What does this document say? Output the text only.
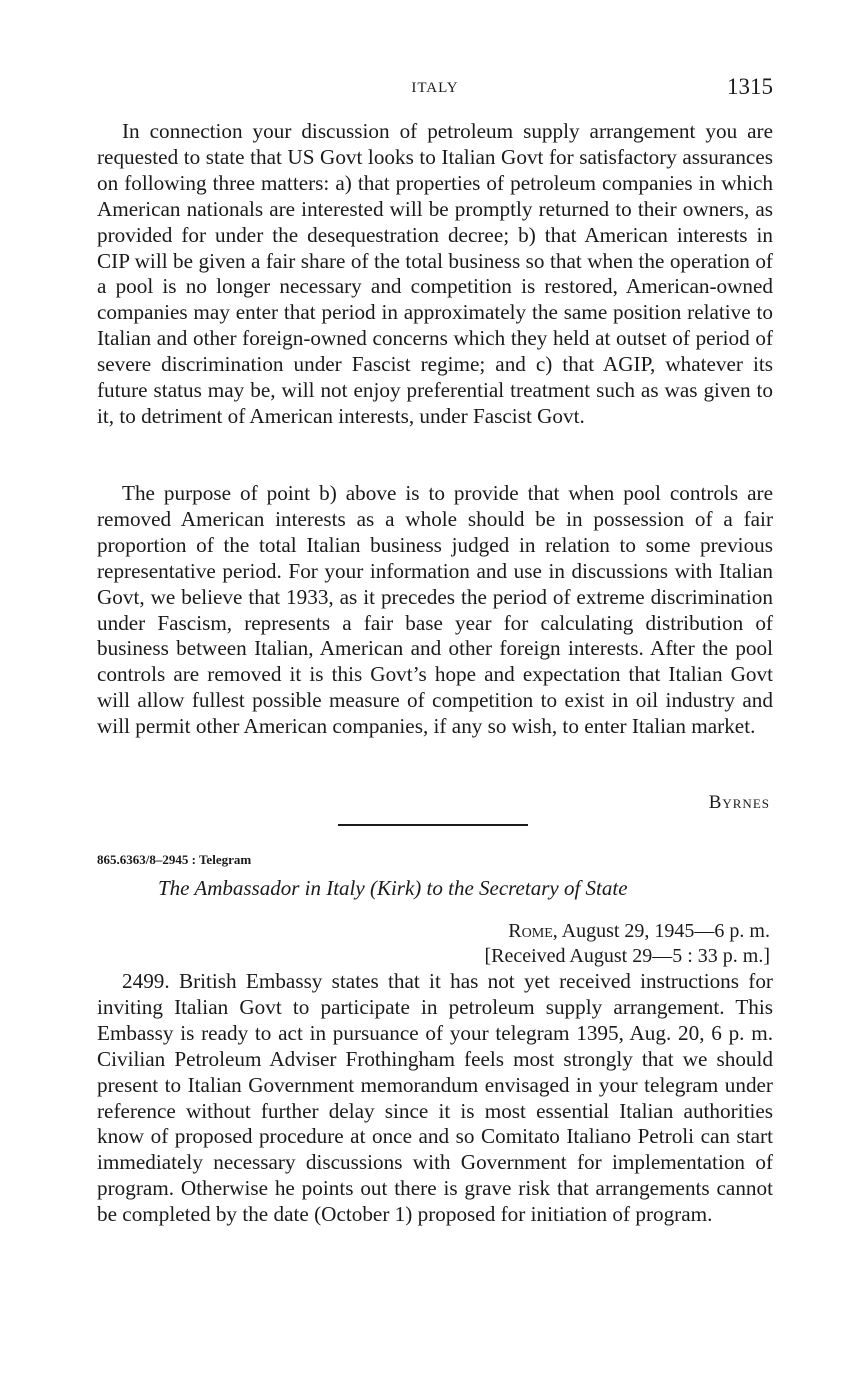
ITALY	1315

In connection your discussion of petroleum supply arrangement you are requested to state that US Govt looks to Italian Govt for satisfactory assurances on following three matters: a) that properties of petroleum companies in which American nationals are interested will be promptly returned to their owners, as provided for under the desequestration decree; b) that American interests in CIP will be given a fair share of the total business so that when the operation of a pool is no longer necessary and competition is restored, American-owned companies may enter that period in approximately the same position relative to Italian and other foreign-owned concerns which they held at outset of period of severe discrimination under Fascist regime; and c) that AGIP, whatever its future status may be, will not enjoy preferential treatment such as was given to it, to detriment of American interests, under Fascist Govt.

The purpose of point b) above is to provide that when pool controls are removed American interests as a whole should be in possession of a fair proportion of the total Italian business judged in relation to some previous representative period. For your information and use in discussions with Italian Govt, we believe that 1933, as it precedes the period of extreme discrimination under Fascism, represents a fair base year for calculating distribution of business between Italian, American and other foreign interests. After the pool controls are removed it is this Govt’s hope and expectation that Italian Govt will allow fullest possible measure of competition to exist in oil industry and will permit other American companies, if any so wish, to enter Italian market.

Byrnes
865.6363/8–2945 : Telegram
The Ambassador in Italy (Kirk) to the Secretary of State
Rome, August 29, 1945—6 p. m.
[Received August 29—5 : 33 p. m.]

2499. British Embassy states that it has not yet received instructions for inviting Italian Govt to participate in petroleum supply arrangement. This Embassy is ready to act in pursuance of your telegram 1395, Aug. 20, 6 p. m. Civilian Petroleum Adviser Frothingham feels most strongly that we should present to Italian Government memorandum envisaged in your telegram under reference without further delay since it is most essential Italian authorities know of proposed procedure at once and so Comitato Italiano Petroli can start immediately necessary discussions with Government for implementation of program. Otherwise he points out there is grave risk that arrangements cannot be completed by the date (October 1) proposed for initiation of program.
